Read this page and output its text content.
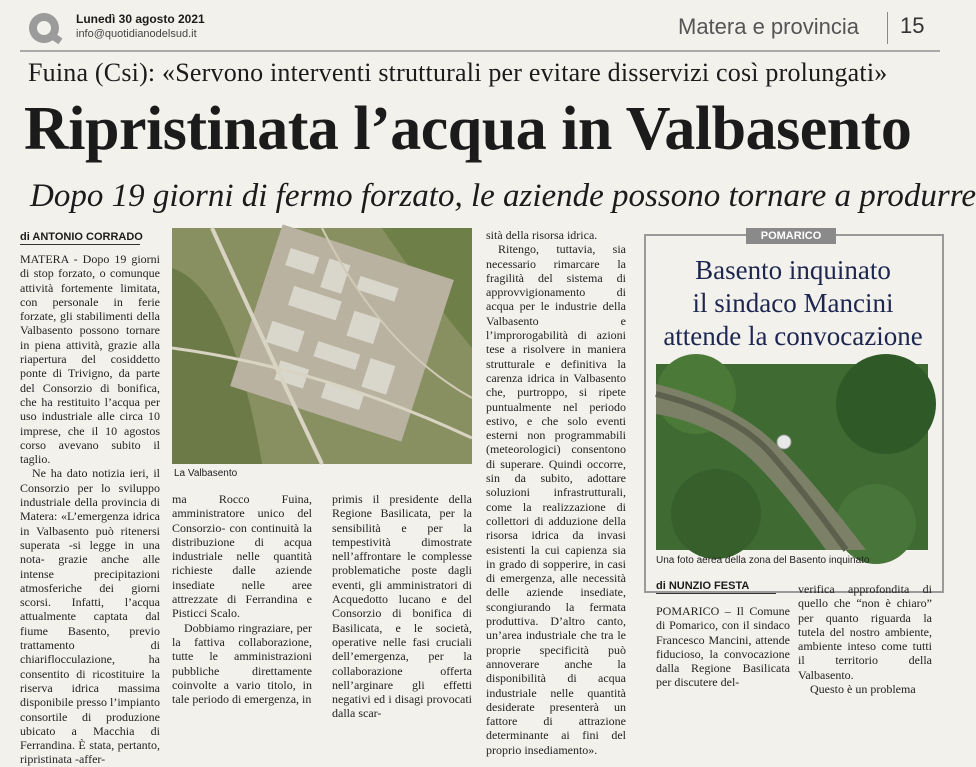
Lunedì 30 agosto 2021
info@quotidianodelsud.it	Matera e provincia 15
Fuina (Csi): «Servono interventi strutturali per evitare disservizi così prolungati»
Ripristinata l’acqua in Valbasento
Dopo 19 giorni di fermo forzato, le aziende possono tornare a produrre
di ANTONIO CORRADO

MATERA - Dopo 19 giorni di stop forzato, o comunque attività fortemente limitata, con personale in ferie forzate, gli stabilimenti della Valbasento possono tornare in piena attività, grazie alla riapertura del cosiddetto ponte di Trivigno, da parte del Consorzio di bonifica, che ha restituito l’acqua per uso industriale alle circa 10 imprese, che il 10 agostos corso avevano subito il taglio.

Ne ha dato notizia ieri, il Consorzio per lo sviluppo industriale della provincia di Matera: «L’emergenza idrica in Valbasento può ritenersi superata -si legge in una nota- grazie anche alle intense precipitazioni atmosferiche dei giorni scorsi. Infatti, l’acqua attualmente captata dal fiume Basento, previo trattamento di chiariflocculazione, ha consentito di ricostituire la riserva idrica massima disponibile presso l’impianto consortile di produzione ubicato a Macchia di Ferrandina. È stata, pertanto, ripristinata -affer-

La Valbasento

ma Rocco Fuina, amministratore unico del Consorzio- con continuità la distribuzione di acqua industriale nelle quantità richieste dalle aziende insediate nelle aree attrezzate di Ferrandina e Pisticci Scalo.

Dobbiamo ringraziare, per la fattiva collaborazione, tutte le amministrazioni pubbliche direttamente coinvolte a vario titolo, in tale periodo di emergenza, in

primis il presidente della Regione Basilicata, per la sensibilità e per la tempestività dimostrate nell’affrontare le complesse problematiche poste dagli eventi, gli amministratori di Acquedotto lucano e del Consorzio di bonifica di Basilicata, e le società, operative nelle fasi cruciali dell’emergenza, per la collaborazione offerta nell’arginare gli effetti negativi ed i disagi provocati dalla scar-

sità della risorsa idrica.

Ritengo, tuttavia, sia necessario rimarcare la fragilità del sistema di approvvigionamento di acqua per le industrie della Valbasento e l’improrogabilità di azioni tese a risolvere in maniera strutturale e definitiva la carenza idrica in Valbasento che, purtroppo, si ripete puntualmente nel periodo estivo, e che solo eventi esterni non programmabili (meteorologici) consentono di superare. Quindi occorre, sin da subito, adottare soluzioni infrastrutturali, come la realizzazione di collettori di adduzione della risorsa idrica da invasi esistenti la cui capienza sia in grado di sopperire, in casi di emergenza, alle necessità delle aziende insediate, scongiurando la fermata produttiva. D’altro canto, un’area industriale che tra le proprie specificità può annoverare anche la disponibilità di acqua industriale nelle quantità desiderate presenterà un fattore di attrazione determinante ai fini del proprio insediamento».

POMARICO
Basento inquinato
il sindaco Mancini
attende la convocazione
Una foto aerea della zona del Basento inquinato
di NUNZIO FESTA

POMARICO – Il Comune di Pomarico, con il sindaco Francesco Mancini, attende fiducioso, la convocazione dalla Regione Basilicata per discutere del-

verifica approfondita di quello che “non è chiaro” per quanto riguarda la tutela del nostro ambiente, ambiente inteso come tutti il territorio della Valbasento.

Questo è un problema
